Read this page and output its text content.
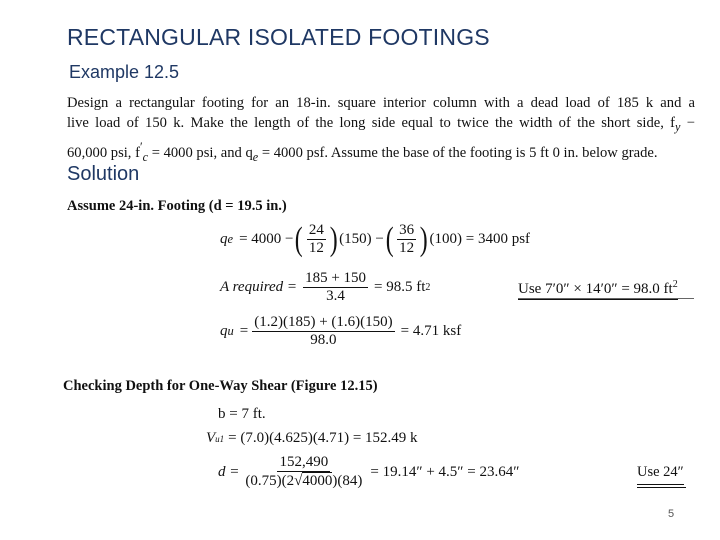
RECTANGULAR ISOLATED FOOTINGS
Example 12.5
Design a rectangular footing for an 18-in. square interior column with a dead load of 185 k and a
live load of 150 k. Make the length of the long side equal to twice the width of the short side, $f_y$ −
60,000 psi, $f'_c = 4000$ psi, and $q_e = 4000$ psf. Assume the base of the footing is 5 ft 0 in. below grade.
Solution
Assume 24-in. Footing (d = 19.5 in.)
q e = 4000 − ( $\frac{24}{12}$ ) (150) − ( $\frac{36}{12}$ ) (100) = 3400 psf
A required = $\frac{185 + 150}{3.4} = 98.5$ ft 2	Use 7′0″ × 14′0″ = 98.0 $ft^2$
q $u = \frac{(1.2)(185) + (1.6)(150)}{98.0} = 4.71$ ksf
Checking Depth for One-Way Shear (Figure 12.15)
b = 7 ft.
V u1 = (7.0)(4.625)(4.71) = 152.49 k
$d = \frac{152,490}{(0.75)(2√4000)(84)} = 19.14'' + 4.5'' = 23.64''$	Use 24″
5
